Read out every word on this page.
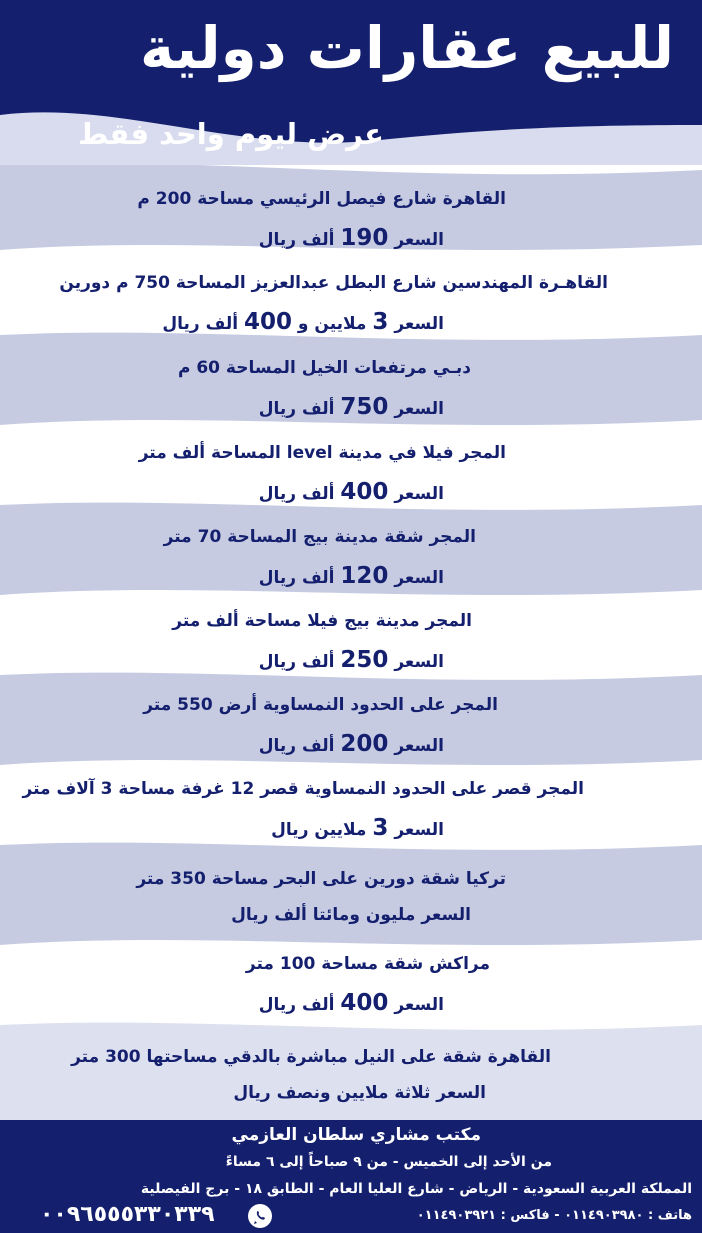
للبيع عقارات دولية
عرض ليوم واحد فقط
القاهرة شارع فيصل الرئيسي مساحة 200 م
السعر 190 ألف ريال
القاهـرة المهندسين شارع البطل عبدالعزيز المساحة 750 م دورين
السعر 3 ملايين و 400 ألف ريال
دبـي مرتفعات الخيل المساحة 60 م
السعر 750 ألف ريال
المجر فيلا في مدينة level المساحة ألف متر
السعر 400 ألف ريال
المجر شقة مدينة بيج المساحة 70 متر
السعر 120 ألف ريال
المجر مدينة بيج فيلا مساحة ألف متر
السعر 250 ألف ريال
المجر على الحدود النمساوية أرض 550 متر
السعر 200 ألف ريال
المجر قصر على الحدود النمساوية قصر 12 غرفة مساحة 3 آلاف متر
السعر 3 ملايين ريال
تركيا شقة دورين على البحر مساحة 350 متر
السعر مليون ومائتا ألف ريال
مراكش شقة مساحة 100 متر
السعر 400 ألف ريال
القاهرة شقة على النيل مباشرة بالدقي مساحتها 300 متر
السعر ثلاثة ملايين ونصف ريال
مكتب مشاري سلطان العازمي
من الأحد إلى الخميس - من ٩ صباحاً إلى ٦ مساءً
المملكة العربية السعودية - الرياض - شارع العليا العام - الطابق ١٨ - برج الفيصلية
هاتف : ٠١١٤٩٠٣٩٨٠ - فاكس : ٠١١٤٩٠٣٩٢١
٠٠٩٦٥٥٥٣٣٠٣٣٩
